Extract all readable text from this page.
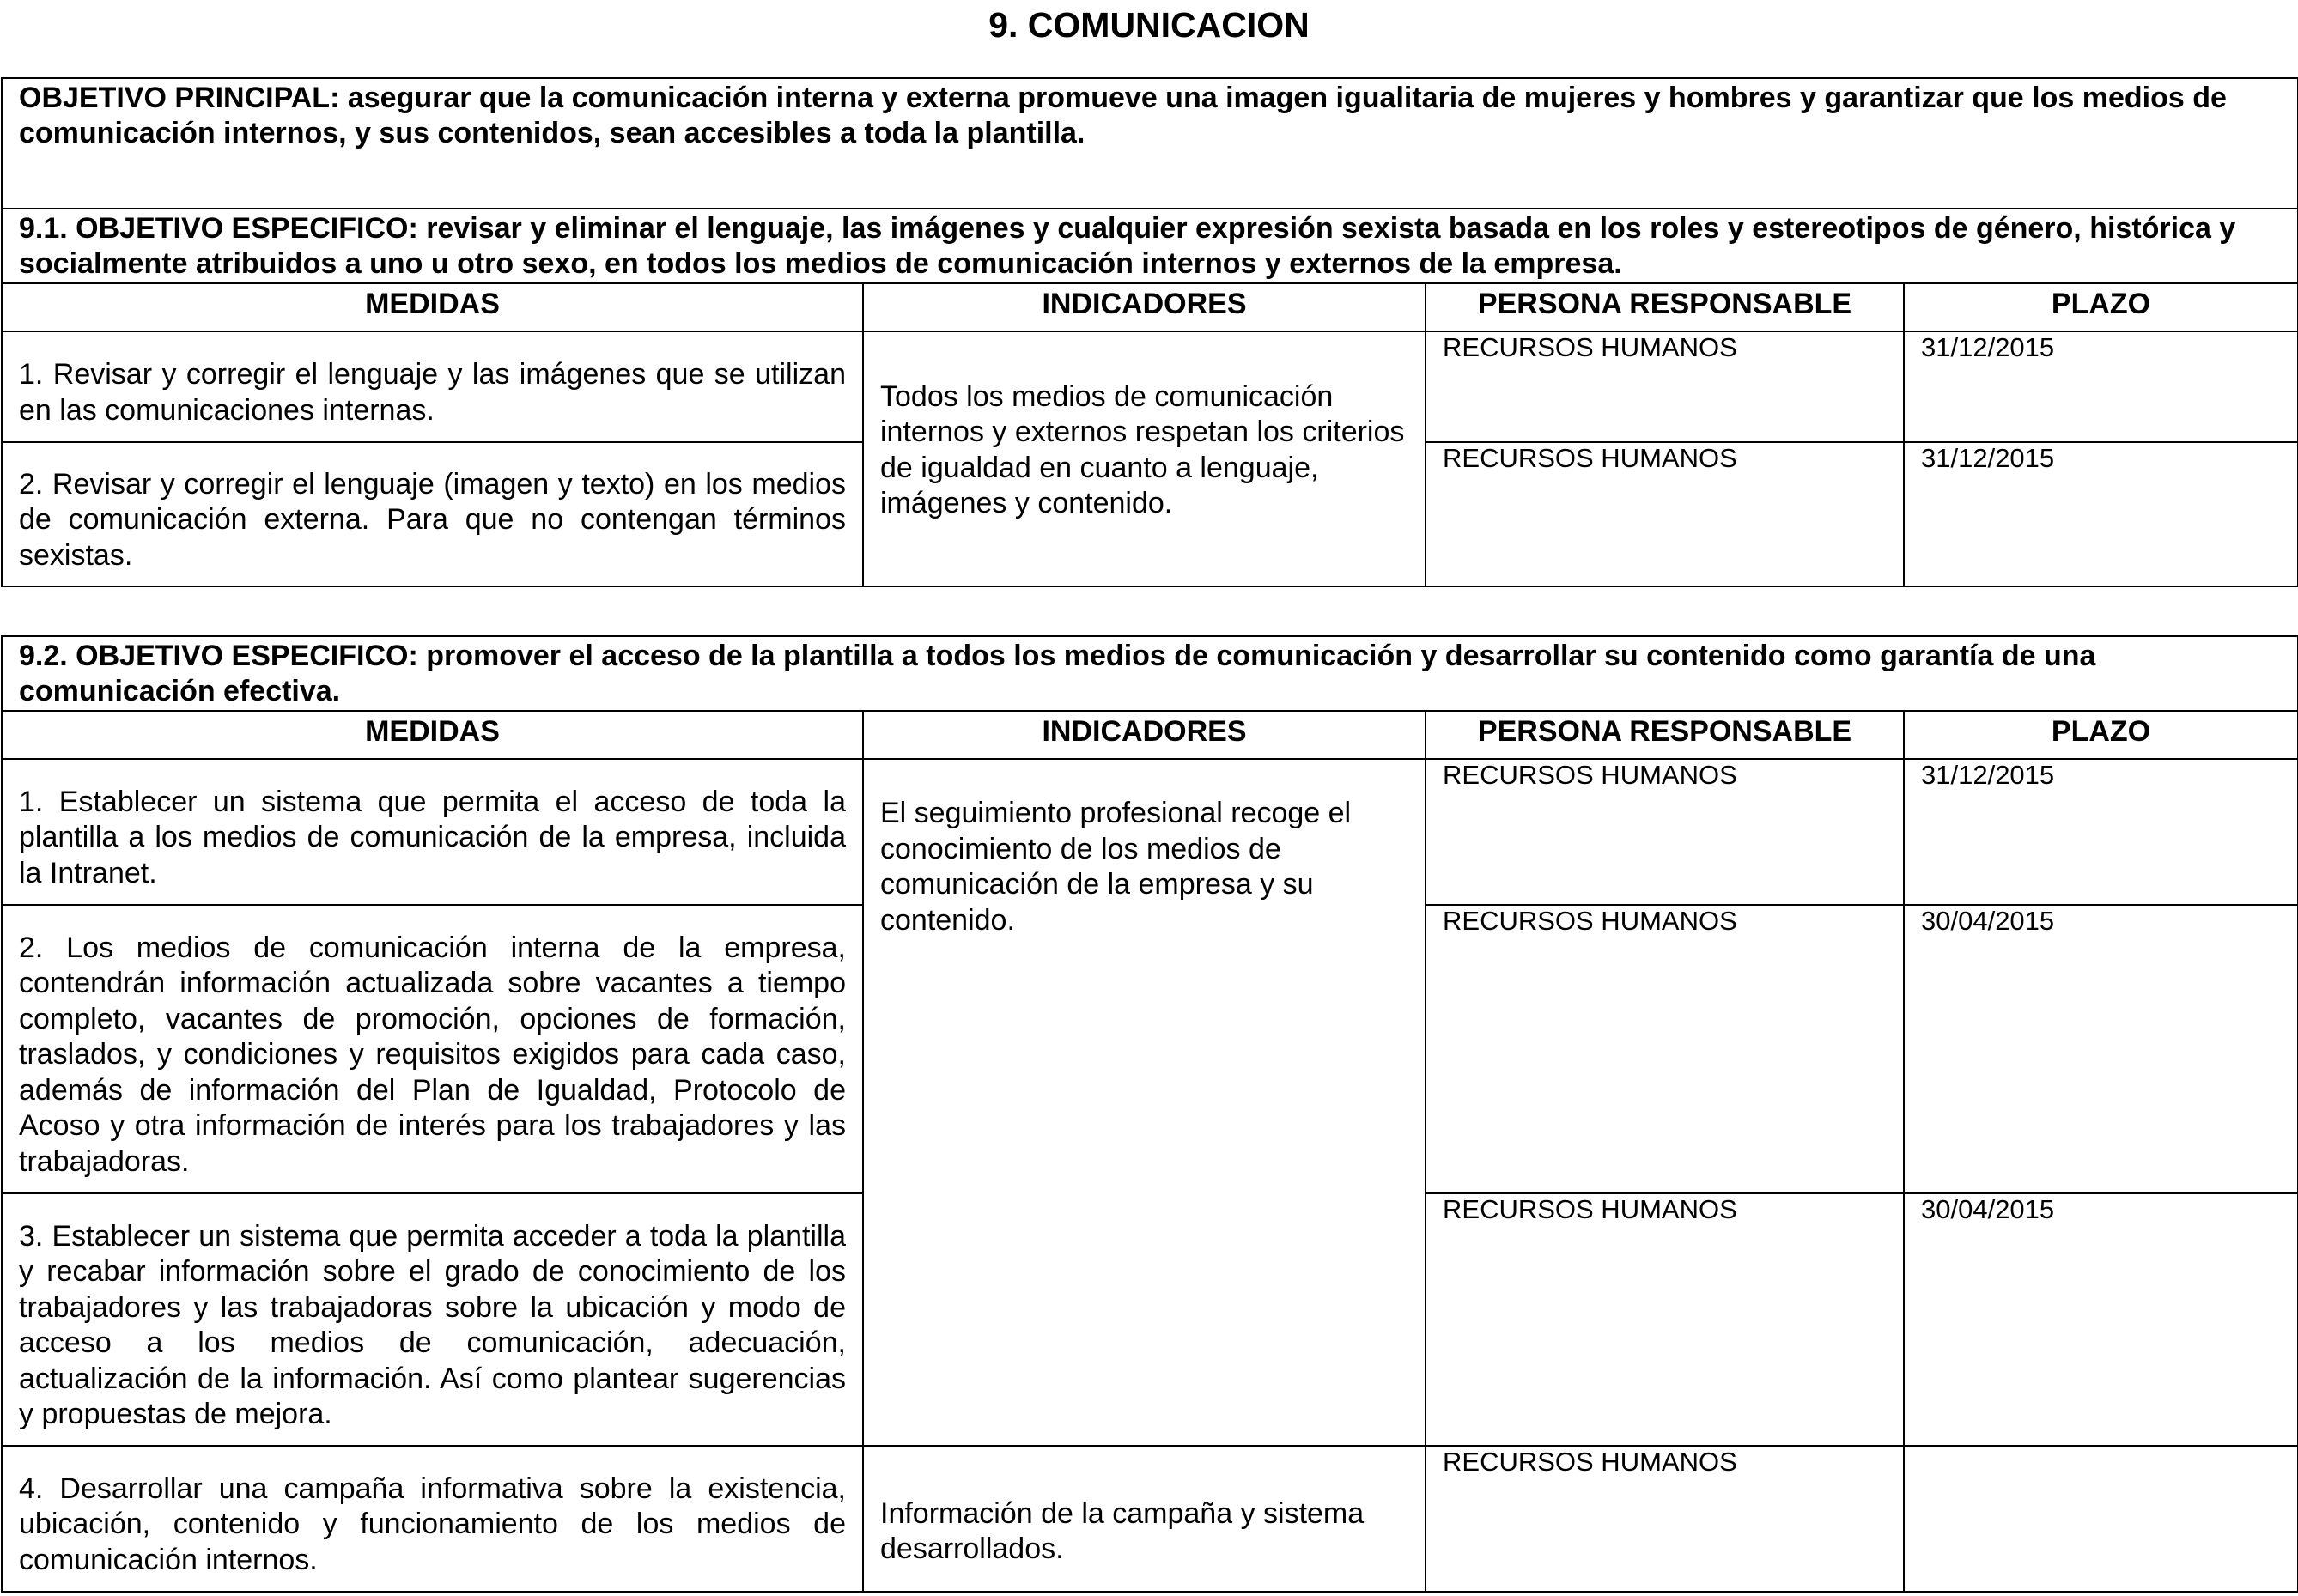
9. COMUNICACION
OBJETIVO PRINCIPAL: asegurar que la comunicación interna y externa promueve una imagen igualitaria de mujeres y hombres y garantizar que los medios de comunicación internos, y sus contenidos, sean accesibles a toda la plantilla.			
9.1. OBJETIVO ESPECIFICO: revisar y eliminar el lenguaje, las imágenes y cualquier expresión sexista basada en los roles y estereotipos de género, histórica y socialmente atribuidos a uno u otro sexo, en todos los medios de comunicación internos y externos de la empresa.			
MEDIDAS	INDICADORES	PERSONA RESPONSABLE	PLAZO
1. Revisar y corregir el lenguaje y las imágenes que se utilizan en las comunicaciones internas.	Todos los medios de comunicación internos y externos respetan los criterios de igualdad en cuanto a lenguaje, imágenes y contenido.	RECURSOS HUMANOS	31/12/2015
2. Revisar y corregir el lenguaje (imagen y texto) en los medios de comunicación externa. Para que no contengan términos sexistas.		RECURSOS HUMANOS	31/12/2015
9.2. OBJETIVO ESPECIFICO: promover el acceso de la plantilla a todos los medios de comunicación y desarrollar su contenido como garantía de una comunicación efectiva.			
MEDIDAS	INDICADORES	PERSONA RESPONSABLE	PLAZO
1. Establecer un sistema que permita el acceso de toda la plantilla a los medios de comunicación de la empresa, incluida la Intranet.	El seguimiento profesional recoge el conocimiento de los medios de comunicación de la empresa y su contenido.	RECURSOS HUMANOS	31/12/2015
2. Los medios de comunicación interna de la empresa, contendrán información actualizada sobre vacantes a tiempo completo, vacantes de promoción, opciones de formación, traslados, y condiciones y requisitos exigidos para cada caso, además de información del Plan de Igualdad, Protocolo de Acoso y otra información de interés para los trabajadores y las trabajadoras.		RECURSOS HUMANOS	30/04/2015
3. Establecer un sistema que permita acceder a toda la plantilla y recabar información sobre el grado de conocimiento de los trabajadores y las trabajadoras sobre la ubicación y modo de acceso a los medios de comunicación, adecuación, actualización de la información. Así como plantear sugerencias y propuestas de mejora.		RECURSOS HUMANOS	30/04/2015
4. Desarrollar una campaña informativa sobre la existencia, ubicación, contenido y funcionamiento de los medios de comunicación internos.	Información de la campaña y sistema desarrollados.	RECURSOS HUMANOS	
